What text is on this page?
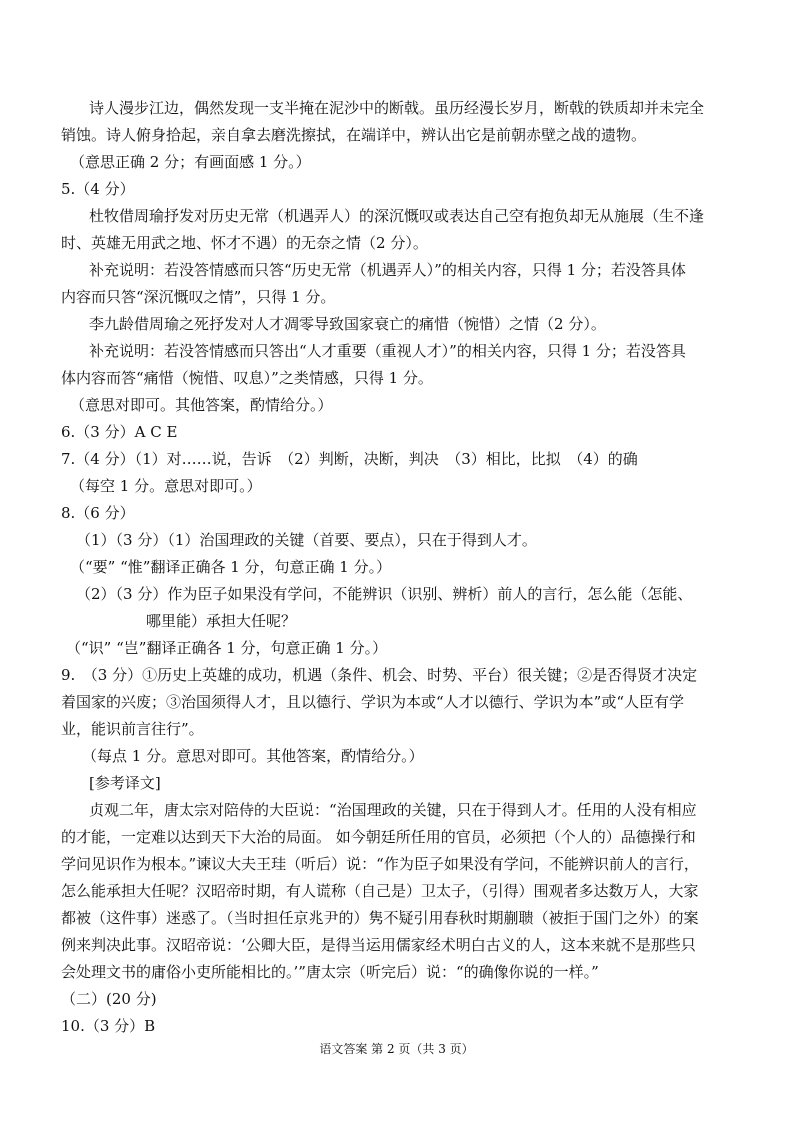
诗人漫步江边，偶然发现一支半掩在泥沙中的断戟。虽历经漫长岁月，断戟的铁质却并未完全
销蚀。诗人俯身拾起，亲自拿去磨洗擦拭，在端详中，辨认出它是前朝赤壁之战的遗物。
（意思正确 2 分；有画面感 1 分。）
5.（4 分）
杜牧借周瑜抒发对历史无常（机遇弄人）的深沉慨叹或表达自己空有抱负却无从施展（生不逢
时、英雄无用武之地、怀才不遇）的无奈之情（2 分）。
补充说明：若没答情感而只答“历史无常（机遇弄人）”的相关内容，只得 1 分；若没答具体
内容而只答“深沉慨叹之情”，只得 1 分。
李九龄借周瑜之死抒发对人才凋零导致国家衰亡的痛惜（惋惜）之情（2 分）。
补充说明：若没答情感而只答出“人才重要（重视人才）”的相关内容，只得 1 分；若没答具
体内容而答“痛惜（惋惜、叹息）”之类情感，只得 1 分。
（意思对即可。其他答案，酌情给分。）
6.（3 分）A C E
7.（4 分）（1）对……说，告诉　（2）判断，决断，判决　（3）相比，比拟　（4）的确
（每空 1 分。意思对即可。）
8.（6 分）
（1）（3 分）（1）治国理政的关键（首要、要点），只在于得到人才。
（“要” “惟”翻译正确各 1 分，句意正确 1 分。）
（2）（3 分）作为臣子如果没有学问，不能辨识（识别、辨析）前人的言行，怎么能（怎能、
哪里能）承担大任呢？
（“识” “岂”翻译正确各 1 分，句意正确 1 分。）
9.　（3 分）①历史上英雄的成功，机遇（条件、机会、时势、平台）很关键；②是否得贤才决定
着国家的兴废；③治国须得人才，且以德行、学识为本或“人才以德行、学识为本”或“人臣有学
业，能识前言往行”。
（每点 1 分。意思对即可。其他答案，酌情给分。）
[参考译文]
贞观二年，唐太宗对陪侍的大臣说：“治国理政的关键，只在于得到人才。任用的人没有相应
的才能，一定难以达到天下大治的局面。 如今朝廷所任用的官员，必须把（个人的）品德操行和
学问见识作为根本。”谏议大夫王珪（听后）说：“作为臣子如果没有学问，不能辨识前人的言行，
怎么能承担大任呢？汉昭帝时期，有人谎称（自己是）卫太子，（引得）围观者多达数万人，大家
都被（这件事）迷惑了。（当时担任京兆尹的）隽不疑引用春秋时期蒯聩（被拒于国门之外）的案
例来判决此事。汉昭帝说：‘公卿大臣，是得当运用儒家经术明白古义的人，这本来就不是那些只
会处理文书的庸俗小吏所能相比的。’”唐太宗（听完后）说：“的确像你说的一样。”
（二）(20 分)
10.（3 分）B
语文答案 第 2 页（共 3 页）
